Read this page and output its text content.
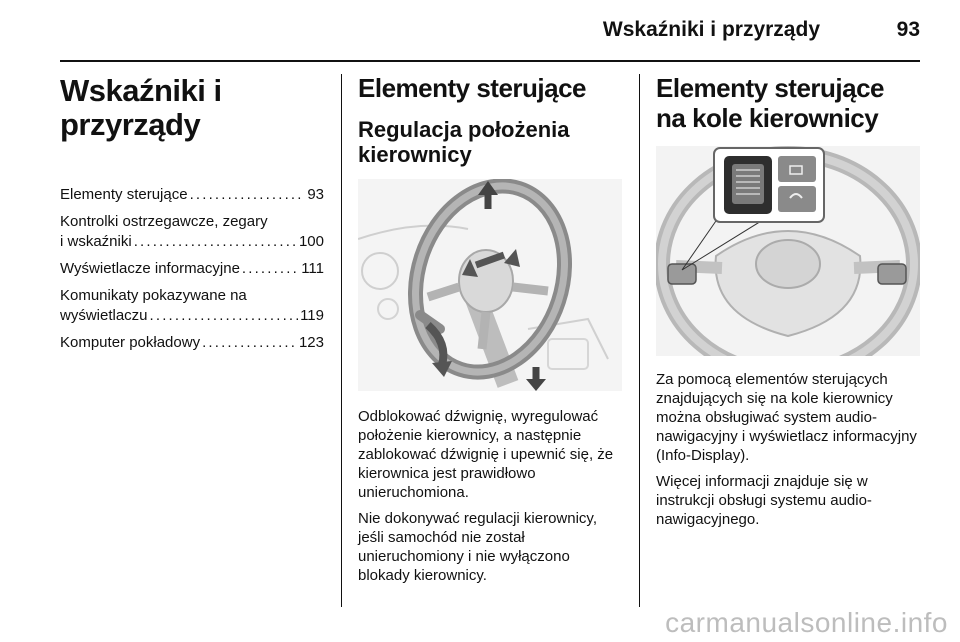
Wskaźniki i przyrządy	93
Wskaźniki i przyrządy
Elementy sterujące . . .	93
Kontrolki ostrzegawcze, zegary
i wskaźniki . . .	100
Wyświetlacze informacyjne . . .	111
Komunikaty pokazywane na
wyświetlaczu . . .	119
Komputer pokładowy . . .	123
Elementy sterujące
Regulacja położenia kierownicy

Odblokować dźwignię, wyregulować położenie kierownicy, a następnie zablokować dźwignię i upewnić się, że kierownica jest prawidłowo unieruchomiona.

Nie dokonywać regulacji kierownicy, jeśli samochód nie został unieruchomiony i nie wyłączono blokady kierownicy.

Elementy sterujące na kole kierownicy

Za pomocą elementów sterujących znajdujących się na kole kierownicy można obsługiwać system audio-nawigacyjny i wyświetlacz informacyjny (Info-Display).

Więcej informacji znajduje się w instrukcji obsługi systemu audio-nawigacyjnego.

carmanualsonline.info
